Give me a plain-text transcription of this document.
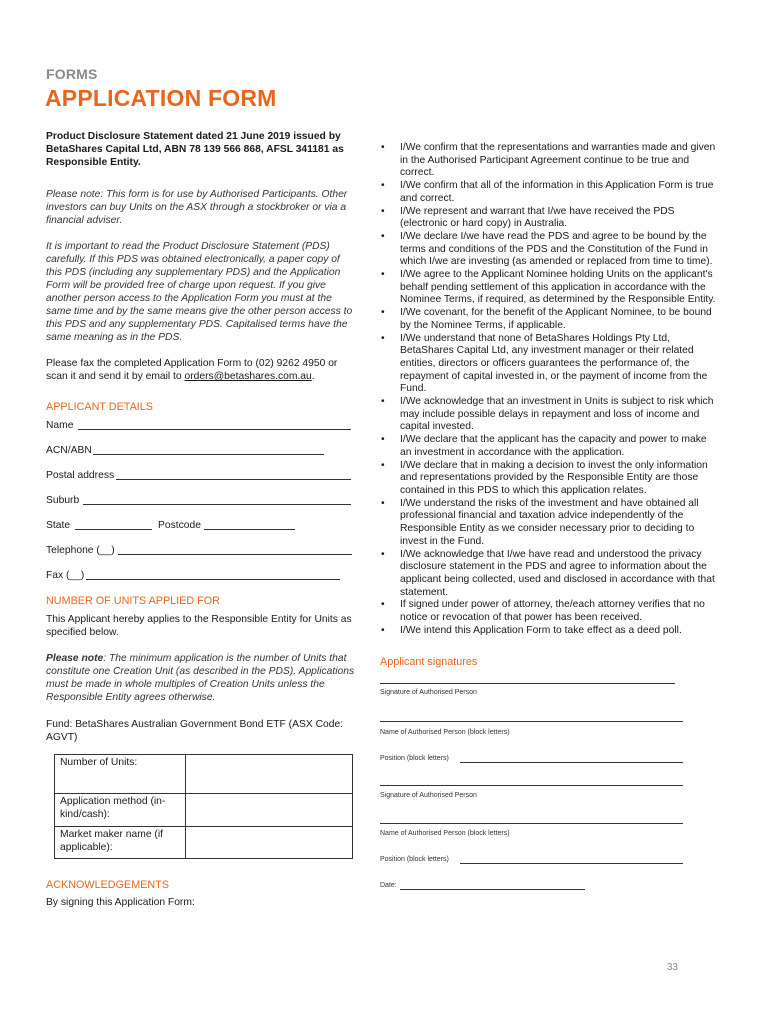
FORMS
APPLICATION FORM

Product Disclosure Statement dated 21 June 2019 issued by BetaShares Capital Ltd, ABN 78 139 566 868, AFSL 341181 as Responsible Entity.

Please note: This form is for use by Authorised Participants. Other investors can buy Units on the ASX through a stockbroker or via a financial adviser.

It is important to read the Product Disclosure Statement (PDS) carefully. If this PDS was obtained electronically, a paper copy of this PDS (including any supplementary PDS) and the Application Form will be provided free of charge upon request. If you give another person access to the Application Form you must at the same time and by the same means give the other person access to this PDS and any supplementary PDS. Capitalised terms have the same meaning as in the PDS.

Please fax the completed Application Form to (02) 9262 4950 or scan it and send it by email to orders@betashares.com.au.

APPLICANT DETAILS
Name
ACN/ABN
Postal address
Suburb
State	Postcode
Telephone (__)
Fax (__)
NUMBER OF UNITS APPLIED FOR

This Applicant hereby applies to the Responsible Entity for Units as specified below.

Please note: The minimum application is the number of Units that constitute one Creation Unit (as described in the PDS). Applications must be made in whole multiples of Creation Units unless the Responsible Entity agrees otherwise.

Fund: BetaShares Australian Government Bond ETF (ASX Code: AGVT)

Number of Units:	
Application method (in-kind/cash):	
Market maker name (if applicable):	
ACKNOWLEDGEMENTS
By signing this Application Form:
• I/We confirm that the representations and warranties made and given in the Authorised Participant Agreement continue to be true and correct.
• I/We confirm that all of the information in this Application Form is true and correct.
• I/We represent and warrant that I/we have received the PDS (electronic or hard copy) in Australia.
• I/We declare I/we have read the PDS and agree to be bound by the terms and conditions of the PDS and the Constitution of the Fund in which I/we are investing (as amended or replaced from time to time).
• I/We agree to the Applicant Nominee holding Units on the applicant's behalf pending settlement of this application in accordance with the Nominee Terms, if required, as determined by the Responsible Entity.
• I/We covenant, for the benefit of the Applicant Nominee, to be bound by the Nominee Terms, if applicable.
• I/We understand that none of BetaShares Holdings Pty Ltd, BetaShares Capital Ltd, any investment manager or their related entities, directors or officers guarantees the performance of, the repayment of capital invested in, or the payment of income from the Fund.
• I/We acknowledge that an investment in Units is subject to risk which may include possible delays in repayment and loss of income and capital invested.
• I/We declare that the applicant has the capacity and power to make an investment in accordance with the application.
• I/We declare that in making a decision to invest the only information and representations provided by the Responsible Entity are those contained in this PDS to which this application relates.
• I/We understand the risks of the investment and have obtained all professional financial and taxation advice independently of the Responsible Entity as we consider necessary prior to deciding to invest in the Fund.
• I/We acknowledge that I/we have read and understood the privacy disclosure statement in the PDS and agree to information about the applicant being collected, used and disclosed in accordance with that statement.
• If signed under power of attorney, the/each attorney verifies that no notice or revocation of that power has been received.
• I/We intend this Application Form to take effect as a deed poll.
Applicant signatures
Signature of Authorised Person
Name of Authorised Person (block letters)
Position (block letters)
Signature of Authorised Person
Name of Authorised Person (block letters)
Position (block letters)
Date:
33
